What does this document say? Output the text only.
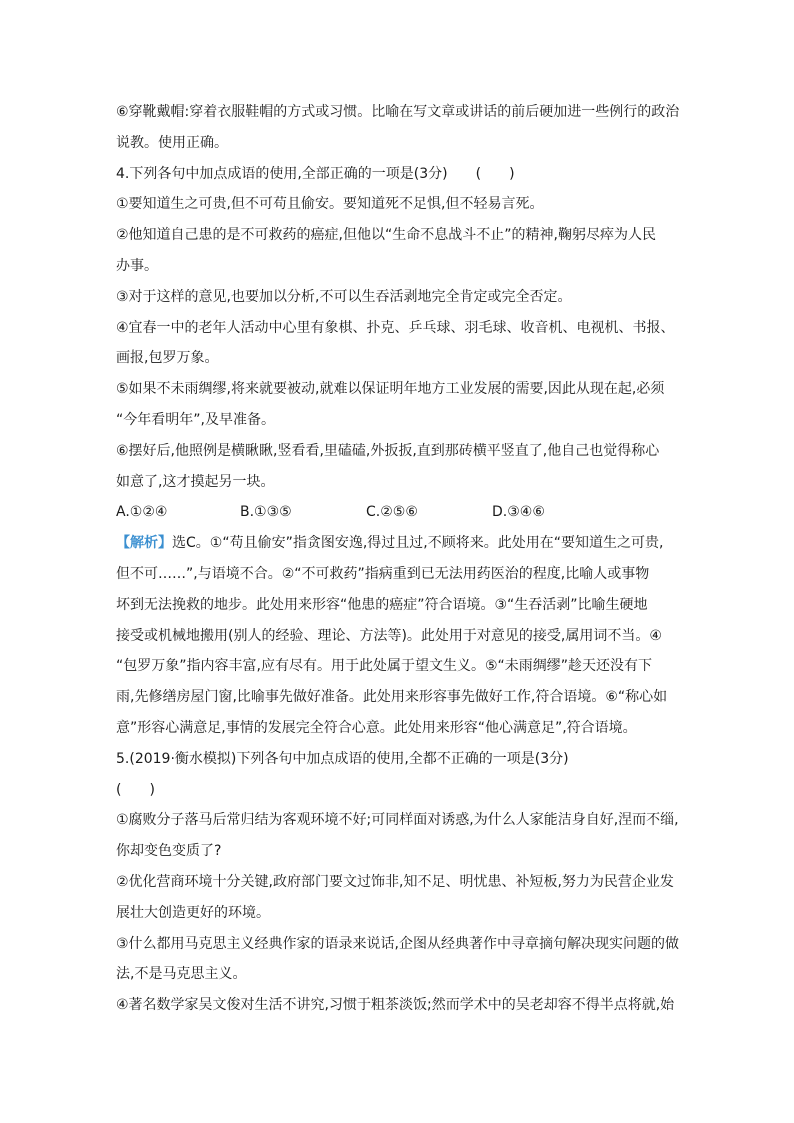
⑥穿靴戴帽:穿着衣服鞋帽的方式或习惯。比喻在写文章或讲话的前后硬加进一些例行的政治

说教。使用正确。

4.下列各句中加点成语的使用,全部正确的一项是(3分)　　(　　)

①要知道生之可贵,但不可苟且偷安。要知道死不足惧,但不轻易言死。

②他知道自己患的是不可救药的癌症,但他以“生命不息战斗不止”的精神,鞠躬尽瘁为人民

办事。

③对于这样的意见,也要加以分析,不可以生吞活剥地完全肯定或完全否定。

④宜春一中的老年人活动中心里有象棋、扑克、乒乓球、羽毛球、收音机、电视机、书报、

画报,包罗万象。

⑤如果不未雨绸缪,将来就要被动,就难以保证明年地方工业发展的需要,因此从现在起,必须

“今年看明年”,及早准备。

⑥摆好后,他照例是横瞅瞅,竖看看,里磕磕,外扳扳,直到那砖横平竖直了,他自己也觉得称心

如意了,这才摸起另一块。

A.①②④	B.①③⑤	C.②⑤⑥	D.③④⑥

【解析】选C。①“苟且偷安”指贪图安逸,得过且过,不顾将来。此处用在“要知道生之可贵,

但不可……”,与语境不合。②“不可救药”指病重到已无法用药医治的程度,比喻人或事物

坏到无法挽救的地步。此处用来形容“他患的癌症”符合语境。③“生吞活剥”比喻生硬地

接受或机械地搬用(别人的经验、理论、方法等)。此处用于对意见的接受,属用词不当。④

“包罗万象”指内容丰富,应有尽有。用于此处属于望文生义。⑤“未雨绸缪”趁天还没有下

雨,先修缮房屋门窗,比喻事先做好准备。此处用来形容事先做好工作,符合语境。⑥“称心如

意”形容心满意足,事情的发展完全符合心意。此处用来形容“他心满意足”,符合语境。

5.(2019·衡水模拟)下列各句中加点成语的使用,全都不正确的一项是(3分)

(　　)

①腐败分子落马后常归结为客观环境不好;可同样面对诱惑,为什么人家能洁身自好,涅而不缁,

你却变色变质了?

②优化营商环境十分关键,政府部门要文过饰非,知不足、明忧患、补短板,努力为民营企业发

展壮大创造更好的环境。

③什么都用马克思主义经典作家的语录来说话,企图从经典著作中寻章摘句解决现实问题的做

法,不是马克思主义。

④著名数学家吴文俊对生活不讲究,习惯于粗茶淡饭;然而学术中的吴老却容不得半点将就,始
